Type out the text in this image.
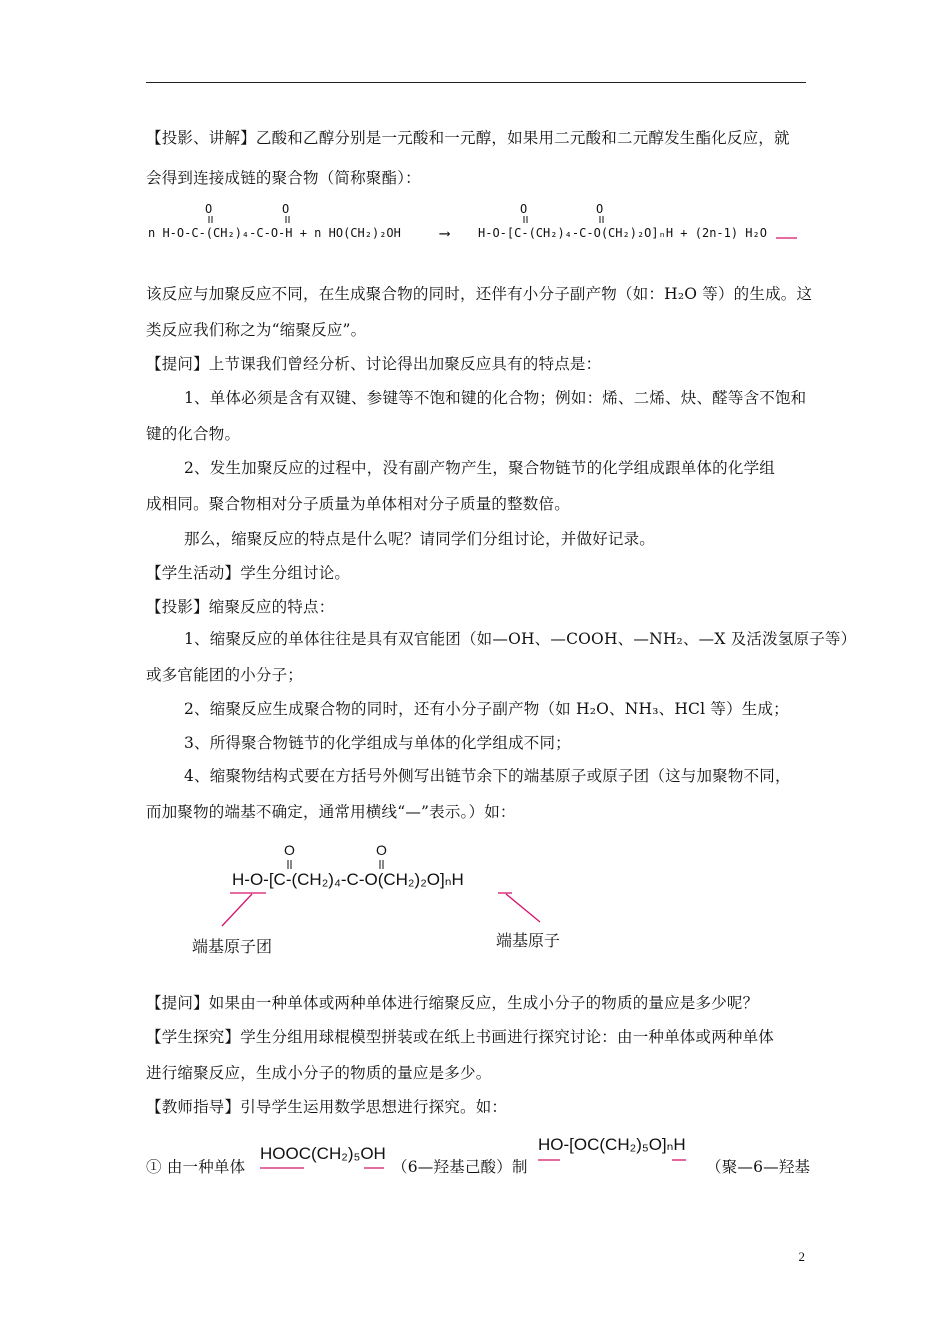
【投影、讲解】乙酸和乙醇分别是一元酸和一元醇，如果用二元酸和二元醇发生酯化反应，就
会得到连接成链的聚合物（简称聚酯）：
O	O	O	O
n H-O-C-(CH₂)₄-C-O-H + n HO(CH₂)₂OH	⟶ H-O-[C-(CH₂)₄-C-O(CH₂)₂O]ₙH + (2n-1) H₂O
该反应与加聚反应不同，在生成聚合物的同时，还伴有小分子副产物（如：H₂O 等）的生成。这
类反应我们称之为“缩聚反应”。
【提问】上节课我们曾经分析、讨论得出加聚反应具有的特点是：
1、单体必须是含有双键、参键等不饱和键的化合物；例如：烯、二烯、炔、醛等含不饱和
键的化合物。
2、发生加聚反应的过程中，没有副产物产生，聚合物链节的化学组成跟单体的化学组
成相同。聚合物相对分子质量为单体相对分子质量的整数倍。
那么，缩聚反应的特点是什么呢？请同学们分组讨论，并做好记录。
【学生活动】学生分组讨论。
【投影】缩聚反应的特点：
1、缩聚反应的单体往往是具有双官能团（如—OH、—COOH、—NH₂、—X 及活泼氢原子等）
或多官能团的小分子；
2、缩聚反应生成聚合物的同时，还有小分子副产物（如 H₂O、NH₃、HCl 等）生成；
3、所得聚合物链节的化学组成与单体的化学组成不同；
4、缩聚物结构式要在方括号外侧写出链节余下的端基原子或原子团（这与加聚物不同，
而加聚物的端基不确定，通常用横线“—”表示。）如：
O	O
H-O-[C-(CH₂)₄-C-O(CH₂)₂O]ₙH
端基原子团	端基原子
【提问】如果由一种单体或两种单体进行缩聚反应，生成小分子的物质的量应是多少呢？
【学生探究】学生分组用球棍模型拼装或在纸上书画进行探究讨论：由一种单体或两种单体
进行缩聚反应，生成小分子的物质的量应是多少。
【教师指导】引导学生运用数学思想进行探究。如：
① 由一种单体
HOOC(CH₂)₅OH
（6—羟基己酸）制
HO-[OC(CH₂)₅O]ₙH
（聚—6—羟基
2
